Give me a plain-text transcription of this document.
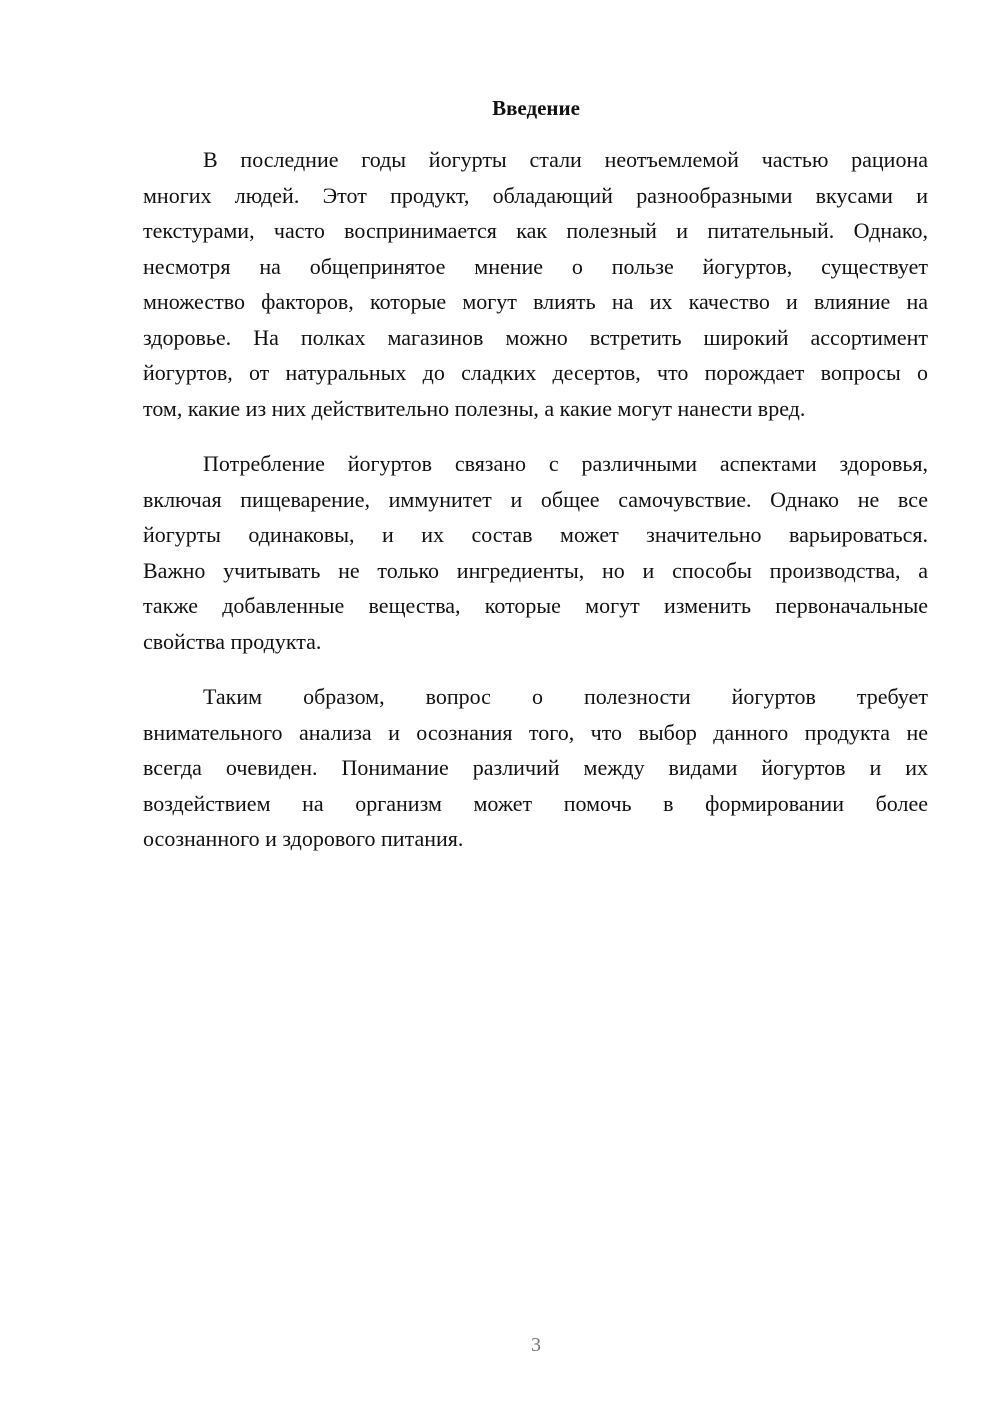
Введение
В последние годы йогурты стали неотъемлемой частью рациона
многих людей. Этот продукт, обладающий разнообразными вкусами и
текстурами, часто воспринимается как полезный и питательный. Однако,
несмотря на общепринятое мнение о пользе йогуртов, существует
множество факторов, которые могут влиять на их качество и влияние на
здоровье. На полках магазинов можно встретить широкий ассортимент
йогуртов, от натуральных до сладких десертов, что порождает вопросы о
том, какие из них действительно полезны, а какие могут нанести вред.
Потребление йогуртов связано с различными аспектами здоровья,
включая пищеварение, иммунитет и общее самочувствие. Однако не все
йогурты одинаковы, и их состав может значительно варьироваться.
Важно учитывать не только ингредиенты, но и способы производства, а
также добавленные вещества, которые могут изменить первоначальные
свойства продукта.
Таким образом, вопрос о полезности йогуртов требует
внимательного анализа и осознания того, что выбор данного продукта не
всегда очевиден. Понимание различий между видами йогуртов и их
воздействием на организм может помочь в формировании более
осознанного и здорового питания.
3
